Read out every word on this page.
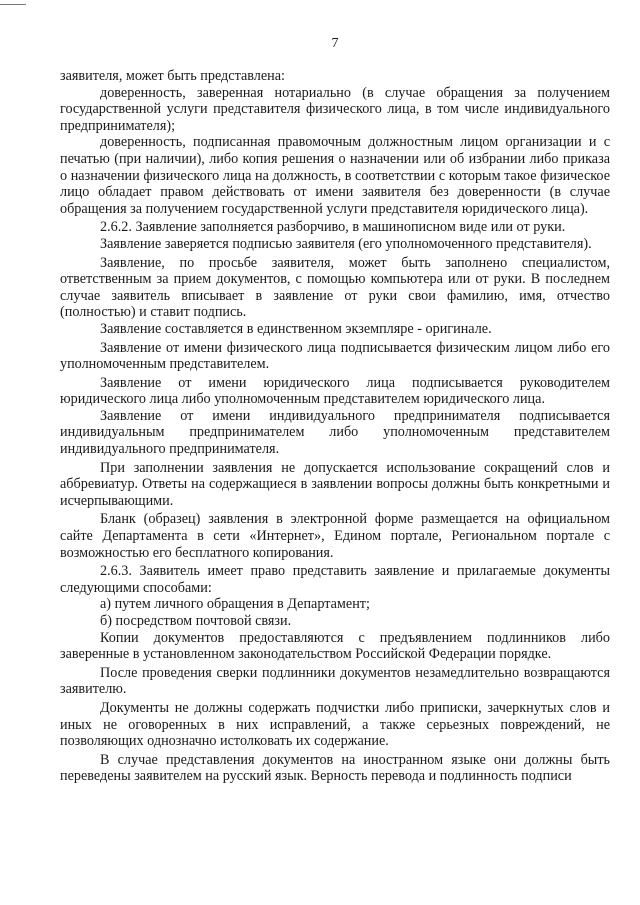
7

заявителя, может быть представлена:

доверенность, заверенная нотариально (в случае обращения за получением государственной услуги представителя физического лица, в том числе индивидуального предпринимателя);

доверенность, подписанная правомочным должностным лицом организации и с печатью (при наличии), либо копия решения о назначении или об избрании либо приказа о назначении физического лица на должность, в соответствии с которым такое физическое лицо обладает правом действовать от имени заявителя без доверенности (в случае обращения за получением государственной услуги представителя юридического лица).

2.6.2. Заявление заполняется разборчиво, в машинописном виде или от руки.

Заявление заверяется подписью заявителя (его уполномоченного представителя).

Заявление, по просьбе заявителя, может быть заполнено специалистом, ответственным за прием документов, с помощью компьютера или от руки. В последнем случае заявитель вписывает в заявление от руки свои фамилию, имя, отчество (полностью) и ставит подпись.

Заявление составляется в единственном экземпляре - оригинале.

Заявление от имени физического лица подписывается физическим лицом либо его уполномоченным представителем.

Заявление от имени юридического лица подписывается руководителем юридического лица либо уполномоченным представителем юридического лица.

Заявление от имени индивидуального предпринимателя подписывается индивидуальным предпринимателем либо уполномоченным представителем индивидуального предпринимателя.

При заполнении заявления не допускается использование сокращений слов и аббревиатур. Ответы на содержащиеся в заявлении вопросы должны быть конкретными и исчерпывающими.

Бланк (образец) заявления в электронной форме размещается на официальном сайте Департамента в сети «Интернет», Едином портале, Региональном портале с возможностью его бесплатного копирования.

2.6.3. Заявитель имеет право представить заявление и прилагаемые документы следующими способами:

а) путем личного обращения в Департамент;

б) посредством почтовой связи.

Копии документов предоставляются с предъявлением подлинников либо заверенные в установленном законодательством Российской Федерации порядке.

После проведения сверки подлинники документов незамедлительно возвращаются заявителю.

Документы не должны содержать подчистки либо приписки, зачеркнутых слов и иных не оговоренных в них исправлений, а также серьезных повреждений, не позволяющих однозначно истолковать их содержание.

В случае представления документов на иностранном языке они должны быть переведены заявителем на русский язык. Верность перевода и подлинность подписи
